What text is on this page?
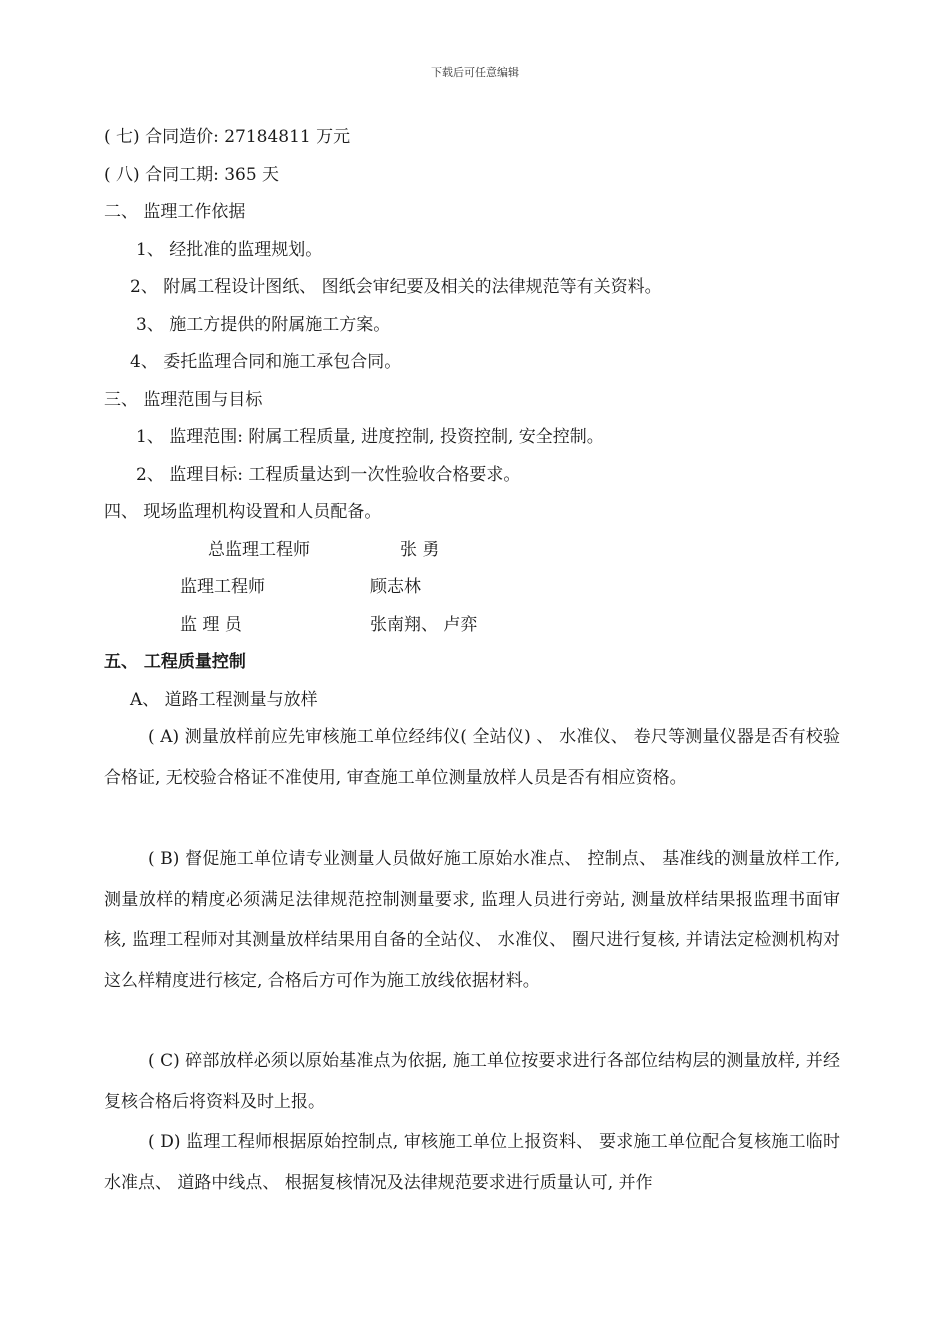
下载后可任意编辑
( 七) 合同造价: 27184811 万元
( 八) 合同工期: 365 天
二、 监理工作依据
1、 经批准的监理规划。
2、 附属工程设计图纸、 图纸会审纪要及相关的法律规范等有关资料。
3、 施工方提供的附属施工方案。
4、 委托监理合同和施工承包合同。
三、 监理范围与目标
1、 监理范围: 附属工程质量, 进度控制, 投资控制, 安全控制。
2、 监理目标: 工程质量达到一次性验收合格要求。
四、 现场监理机构设置和人员配备。
总监理工程师	张 勇
监理工程师	顾志林
监 理 员	张南翔、 卢弈
五、 工程质量控制
A、 道路工程测量与放样

( A) 测量放样前应先审核施工单位经纬仪( 全站仪) 、 水准仪、 卷尺等测量仪器是否有校验合格证, 无校验合格证不准使用, 审查施工单位测量放样人员是否有相应资格。

( B) 督促施工单位请专业测量人员做好施工原始水准点、 控制点、 基准线的测量放样工作, 测量放样的精度必须满足法律规范控制测量要求, 监理人员进行旁站, 测量放样结果报监理书面审核, 监理工程师对其测量放样结果用自备的全站仪、 水准仪、 圈尺进行复核, 并请法定检测机构对这么样精度进行核定, 合格后方可作为施工放线依据材料。

( C) 碎部放样必须以原始基准点为依据, 施工单位按要求进行各部位结构层的测量放样, 并经复核合格后将资料及时上报。

( D) 监理工程师根据原始控制点, 审核施工单位上报资料、 要求施工单位配合复核施工临时水准点、 道路中线点、 根据复核情况及法律规范要求进行质量认可, 并作
